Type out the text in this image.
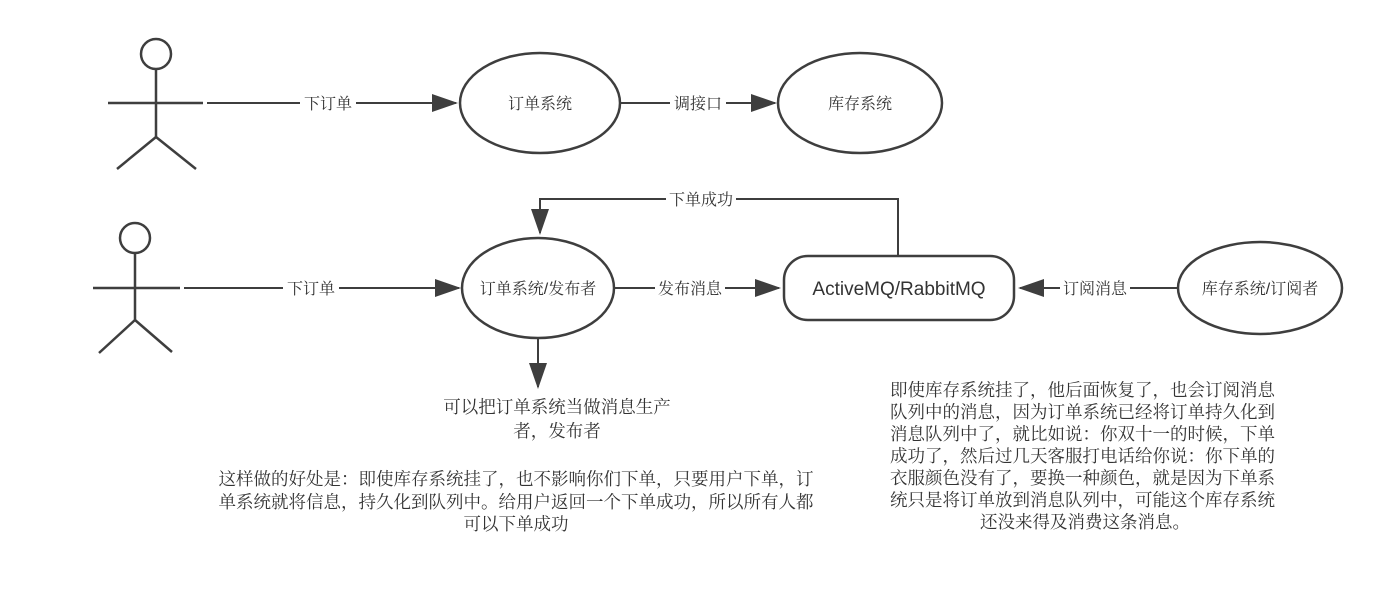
下订单	订单系统	调接口	库存系统
下订单
下单成功
订单系统/发布者	发布消息	ActiveMQ/RabbitMQ	订阅消息	库存系统/订阅者
可以把订单系统当做消息生产
者，发布者
这样做的好处是：即使库存系统挂了，也不影响你们下单，只要用户下单，订
单系统就将信息，持久化到队列中。给用户返回一个下单成功，所以所有人都
可以下单成功
即使库存系统挂了，他后面恢复了，也会订阅消息
队列中的消息，因为订单系统已经将订单持久化到
消息队列中了，就比如说：你双十一的时候，下单
成功了，然后过几天客服打电话给你说：你下单的
衣服颜色没有了，要换一种颜色，就是因为下单系
统只是将订单放到消息队列中，可能这个库存系统
还没来得及消费这条消息。
